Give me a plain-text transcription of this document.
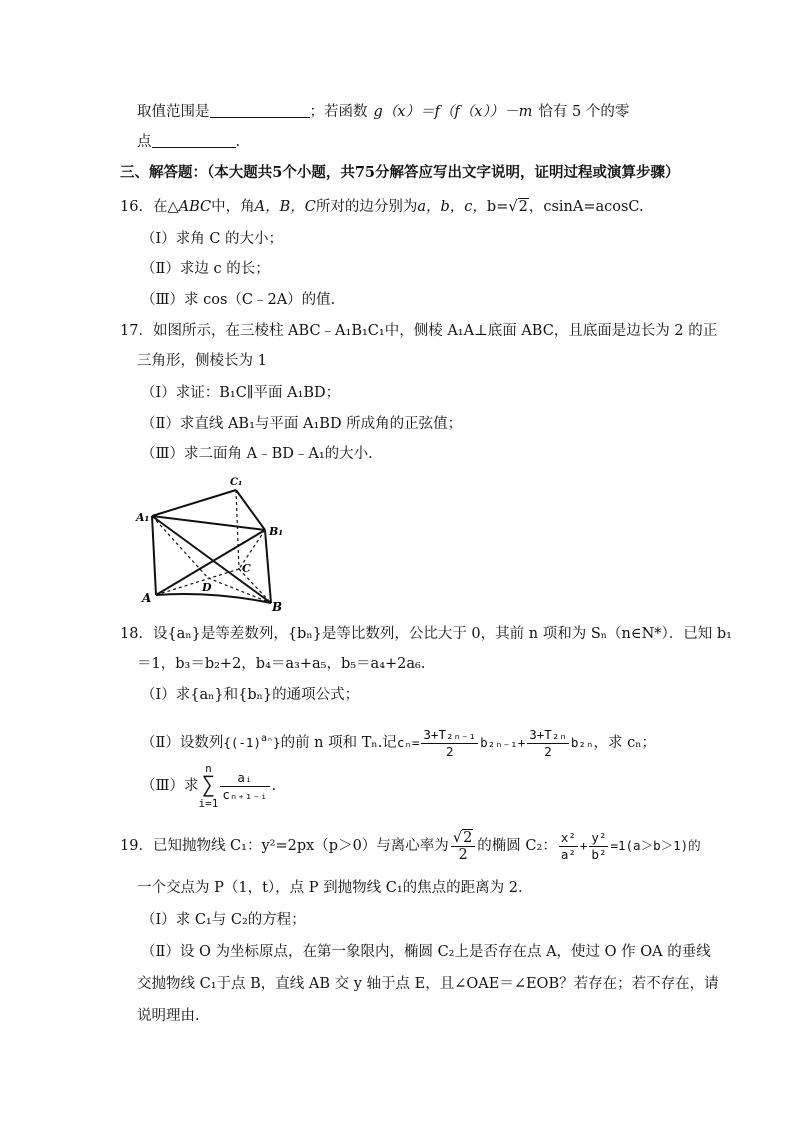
取值范围是	；若函数 g（x）＝f（f（x））－m 恰有 5 个的零
点	.
三、解答题：（本大题共5个小题，共75分解答应写出文字说明，证明过程或演算步骤）
16．在△ABC中，角A，B，C所对的边分别为a，b，c，b=√2，csinA=acosC.
（Ⅰ）求角 C 的大小；
（Ⅱ）求边 c 的长；
（Ⅲ）求 cos（C﹣2A）的值.
17．如图所示，在三棱柱 ABC﹣A₁B₁C₁中，侧棱 A₁A⊥底面 ABC，且底面是边长为 2 的正
三角形，侧棱长为 1
（Ⅰ）求证：B₁C∥平面 A₁BD；
（Ⅱ）求直线 AB₁与平面 A₁BD 所成角的正弦值；
（Ⅲ）求二面角 A﹣BD﹣A₁的大小.
C₁
A₁
B₁
C
D
A
B
18．设{aₙ}是等差数列，{bₙ}是等比数列，公比大于 0，其前 n 项和为 Sₙ（n∈N*）．已知 b₁
＝1，b₃＝b₂+2，b₄＝a₃+a₅，b₅＝a₄+2a₆.
（Ⅰ）求{aₙ}和{bₙ}的通项公式；
（Ⅱ）设数列$\{(-1)^{a_n}\}$的前 n 项和 Tₙ.记$c_n= \frac{\text{3+T₂ₙ₋₁}}{2} b_{2n-1}+ \frac{\text{3+T₂ₙ}}{2} b_{2n}$，求 cₙ；
（Ⅲ）求
n
∑
i=1
$\frac{\text{aᵢ}}{\text{cₙ₊₁₋ᵢ}}$ .
19．已知抛物线 C₁：y²=2px（p＞0）与离心率为 $\frac{√2}{2}$ 的椭圆 C₂： $\frac{\text{x²}}{\text{a²}} + \frac{\text{y²}}{\text{b²}} =1(a>b>1)$的
一个交点为 P（1，t），点 P 到抛物线 C₁的焦点的距离为 2.
（Ⅰ）求 C₁与 C₂的方程；
（Ⅱ）设 O 为坐标原点，在第一象限内，椭圆 C₂上是否存在点 A，使过 O 作 OA 的垂线
交抛物线 C₁于点 B，直线 AB 交 y 轴于点 E，且∠OAE＝∠EOB？若存在；若不存在，请
说明理由.
